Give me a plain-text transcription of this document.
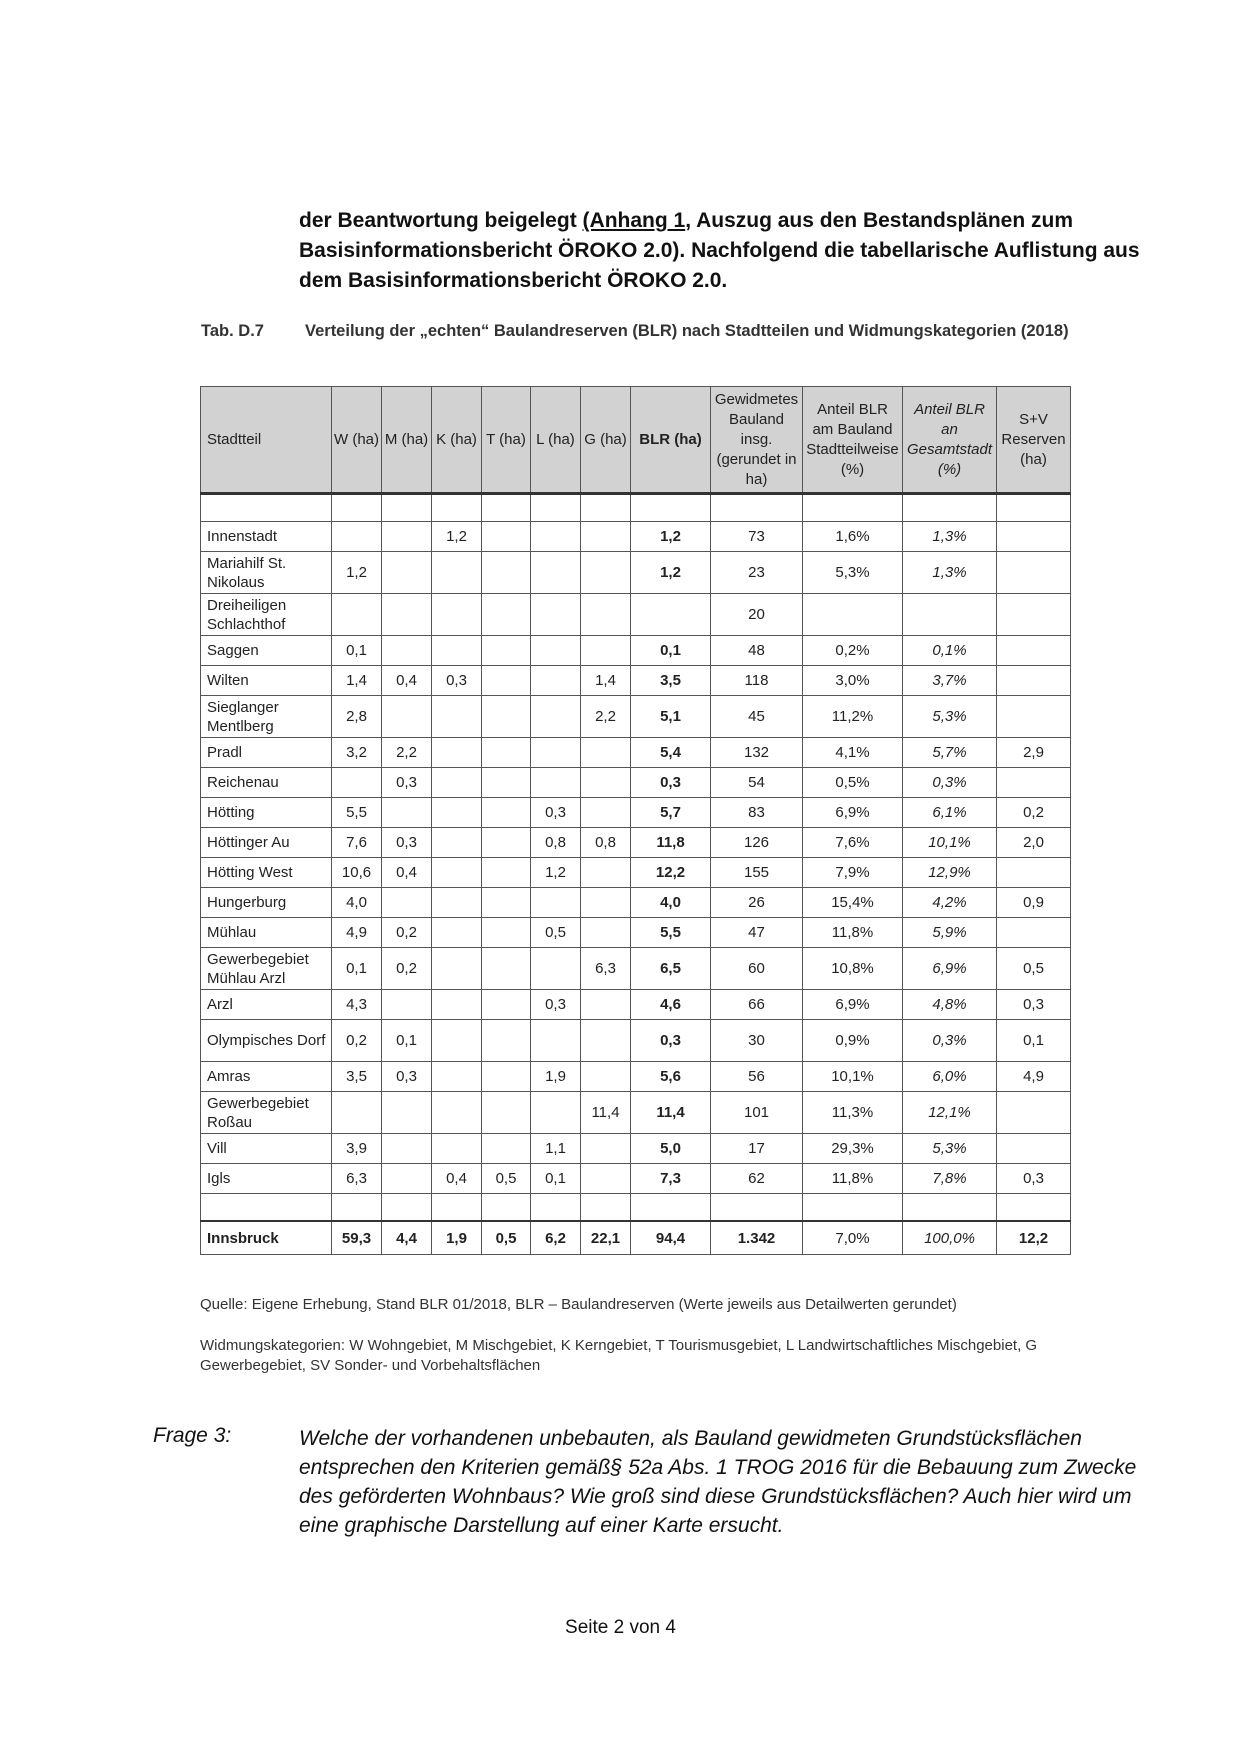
der Beantwortung beigelegt (Anhang 1, Auszug aus den Bestandsplänen zum Basisinformationsbericht ÖROKO 2.0). Nachfolgend die tabellarische Auflistung aus dem Basisinformationsbericht ÖROKO 2.0.
Tab. D.7 Verteilung der „echten“ Baulandreserven (BLR) nach Stadtteilen und Widmungskategorien (2018)
Stadtteil	W (ha)	M (ha)	K (ha)	T (ha)	L (ha)	G (ha)	BLR (ha)	Gewidmetes Bauland insg. (gerundet in ha)	Anteil BLR am Bauland Stadtteilweise (%)	Anteil BLR an Gesamtstadt (%)	S+V Reserven (ha)

Innenstadt			1,2				1,2	73	1,6%	1,3%	
Mariahilf St. Nikolaus	1,2						1,2	23	5,3%	1,3%	
Dreiheiligen Schlachthof								20			
Saggen	0,1						0,1	48	0,2%	0,1%	
Wilten	1,4	0,4	0,3			1,4	3,5	118	3,0%	3,7%	
Sieglanger Mentlberg	2,8					2,2	5,1	45	11,2%	5,3%	
Pradl	3,2	2,2					5,4	132	4,1%	5,7%	2,9
Reichenau		0,3					0,3	54	0,5%	0,3%	
Hötting	5,5				0,3		5,7	83	6,9%	6,1%	0,2
Höttinger Au	7,6	0,3			0,8	0,8	11,8	126	7,6%	10,1%	2,0
Hötting West	10,6	0,4			1,2		12,2	155	7,9%	12,9%	
Hungerburg	4,0						4,0	26	15,4%	4,2%	0,9
Mühlau	4,9	0,2			0,5		5,5	47	11,8%	5,9%	
Gewerbegebiet Mühlau Arzl	0,1	0,2				6,3	6,5	60	10,8%	6,9%	0,5
Arzl	4,3				0,3		4,6	66	6,9%	4,8%	0,3
Olympisches Dorf	0,2	0,1					0,3	30	0,9%	0,3%	0,1
Amras	3,5	0,3			1,9		5,6	56	10,1%	6,0%	4,9
Gewerbegebiet Roßau						11,4	11,4	101	11,3%	12,1%	
Vill	3,9				1,1		5,0	17	29,3%	5,3%	
Igls	6,3		0,4	0,5	0,1		7,3	62	11,8%	7,8%	0,3

Innsbruck	59,3	4,4	1,9	0,5	6,2	22,1	94,4	1.342	7,0%	100,0%	12,2
Quelle: Eigene Erhebung, Stand BLR 01/2018, BLR – Baulandreserven (Werte jeweils aus Detailwerten gerundet)
Widmungskategorien: W Wohngebiet, M Mischgebiet, K Kerngebiet, T Tourismusgebiet, L Landwirtschaftliches Mischgebiet, G Gewerbegebiet, SV Sonder- und Vorbehaltsflächen
Frage 3:	Welche der vorhandenen unbebauten, als Bauland gewidmeten Grundstücksflächen entsprechen den Kriterien gemäß§ 52a Abs. 1 TROG 2016 für die Bebauung zum Zwecke des geförderten Wohnbaus? Wie groß sind diese Grundstücksflächen? Auch hier wird um eine graphische Darstellung auf einer Karte ersucht.
Seite 2 von 4
